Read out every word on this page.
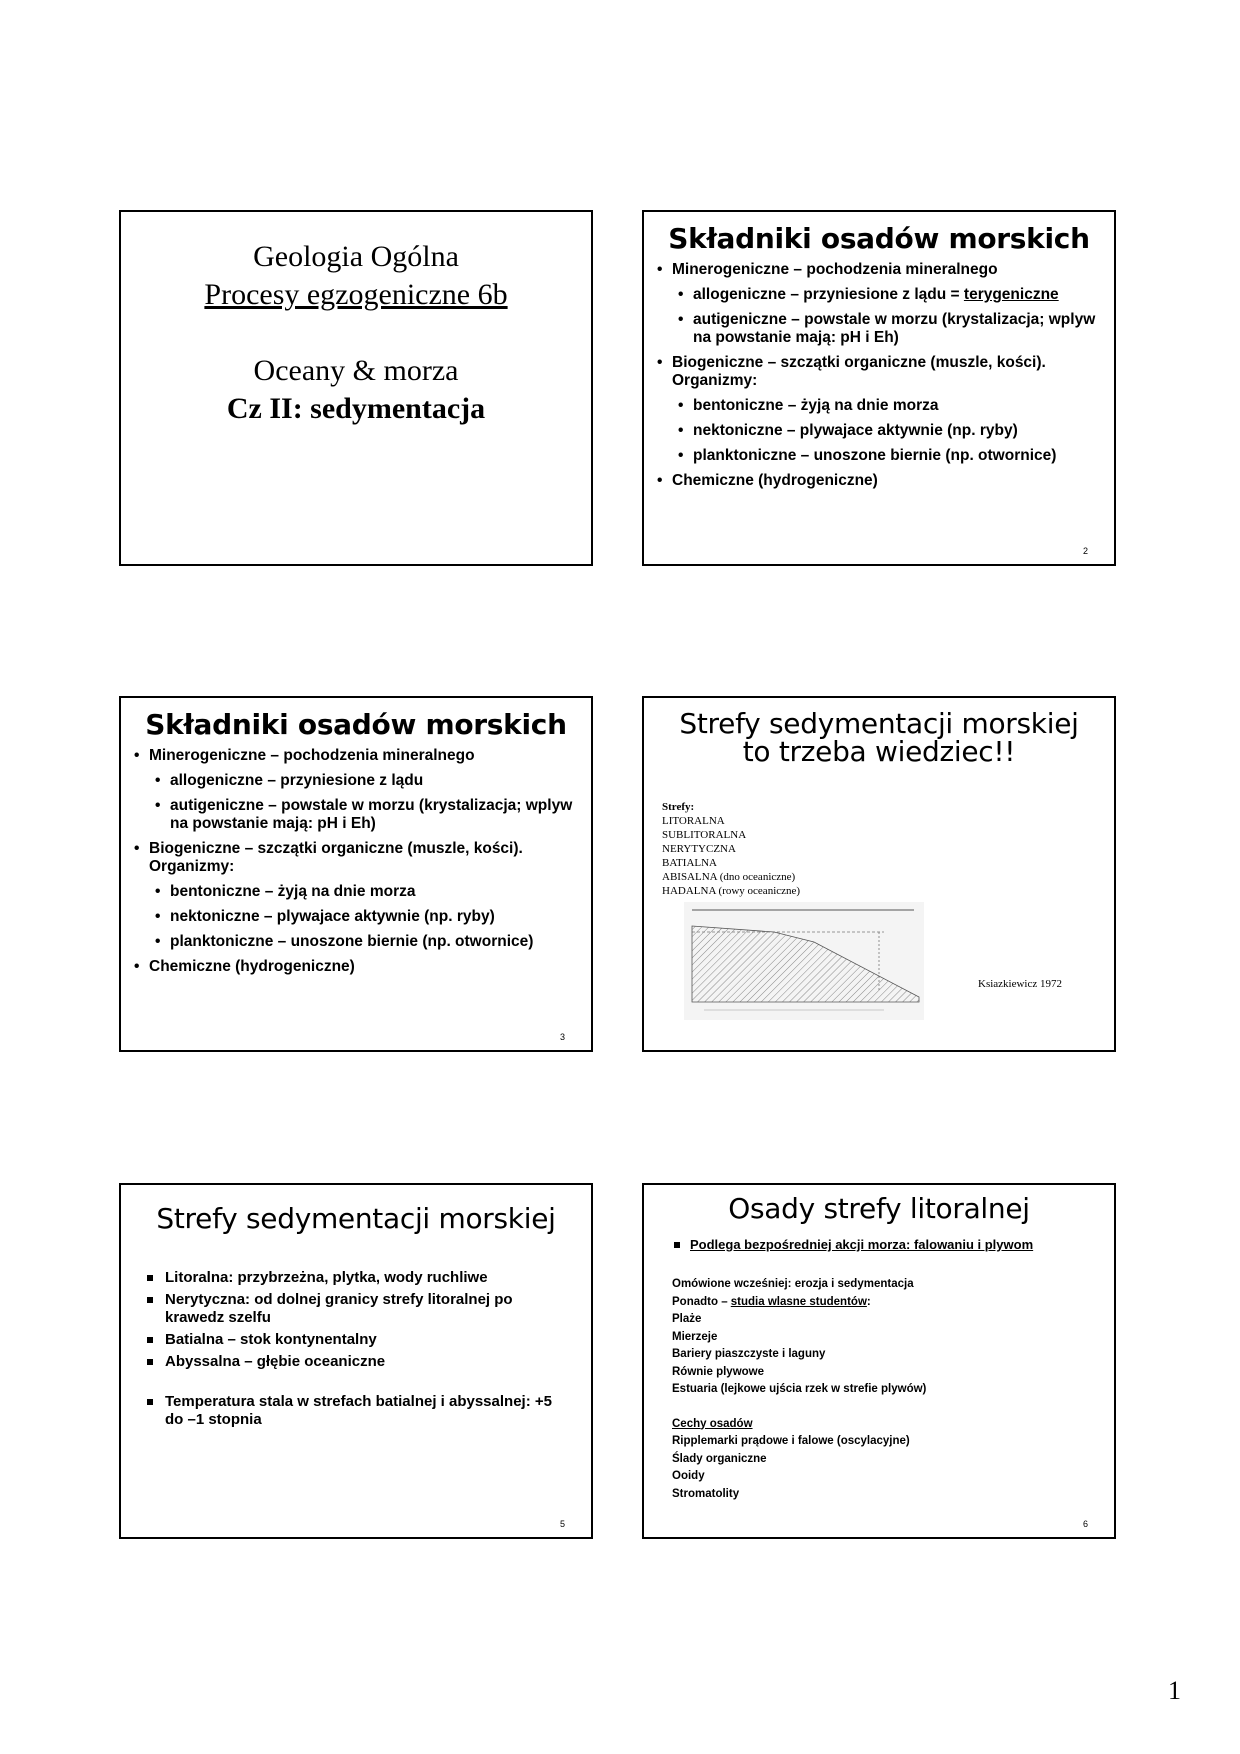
Geologia Ogólna
Procesy egzogeniczne 6b
Oceany & morza
Cz II: sedymentacja
Składniki osadów morskich
• Minerogeniczne – pochodzenia mineralnego
• allogeniczne – przyniesione z lądu = terygeniczne
• autigeniczne – powstale w morzu (krystalizacja; wplyw na powstanie mają: pH i Eh)
• Biogeniczne – szczątki organiczne (muszle, kości). Organizmy:
• bentoniczne – żyją na dnie morza
• nektoniczne – plywajace aktywnie (np. ryby)
• planktoniczne – unoszone biernie (np. otwornice)
• Chemiczne (hydrogeniczne)
2
Składniki osadów morskich
• Minerogeniczne – pochodzenia mineralnego
• allogeniczne – przyniesione z lądu
• autigeniczne – powstale w morzu (krystalizacja; wplyw na powstanie mają: pH i Eh)
• Biogeniczne – szczątki organiczne (muszle, kości). Organizmy:
• bentoniczne – żyją na dnie morza
• nektoniczne – plywajace aktywnie (np. ryby)
• planktoniczne – unoszone biernie (np. otwornice)
• Chemiczne (hydrogeniczne)
3
Strefy sedymentacji morskiej
to trzeba wiedziec!!
Strefy:
LITORALNA
SUBLITORALNA
NERYTYCZNA
BATIALNA
ABISALNA (dno oceaniczne)
HADALNA (rowy oceaniczne)
Ksiazkiewicz 1972
Strefy sedymentacji morskiej
Litoralna: przybrzeżna, plytka, wody ruchliwe
Nerytyczna: od dolnej granicy strefy litoralnej po krawedz szelfu
Batialna – stok kontynentalny
Abyssalna – głębie oceaniczne
Temperatura stala w strefach batialnej i abyssalnej: +5 do –1 stopnia
5
Osady strefy litoralnej
Podlega bezpośredniej akcji morza: falowaniu i plywom
Omówione wcześniej: erozja i sedymentacja
Ponadto – studia wlasne studentów:
Plaże
Mierzeje
Bariery piaszczyste i laguny
Równie plywowe
Estuaria (lejkowe ujścia rzek w strefie plywów)
Cechy osadów
Ripplemarki prądowe i falowe (oscylacyjne)
Ślady organiczne
Ooidy
Stromatolity
6
1
